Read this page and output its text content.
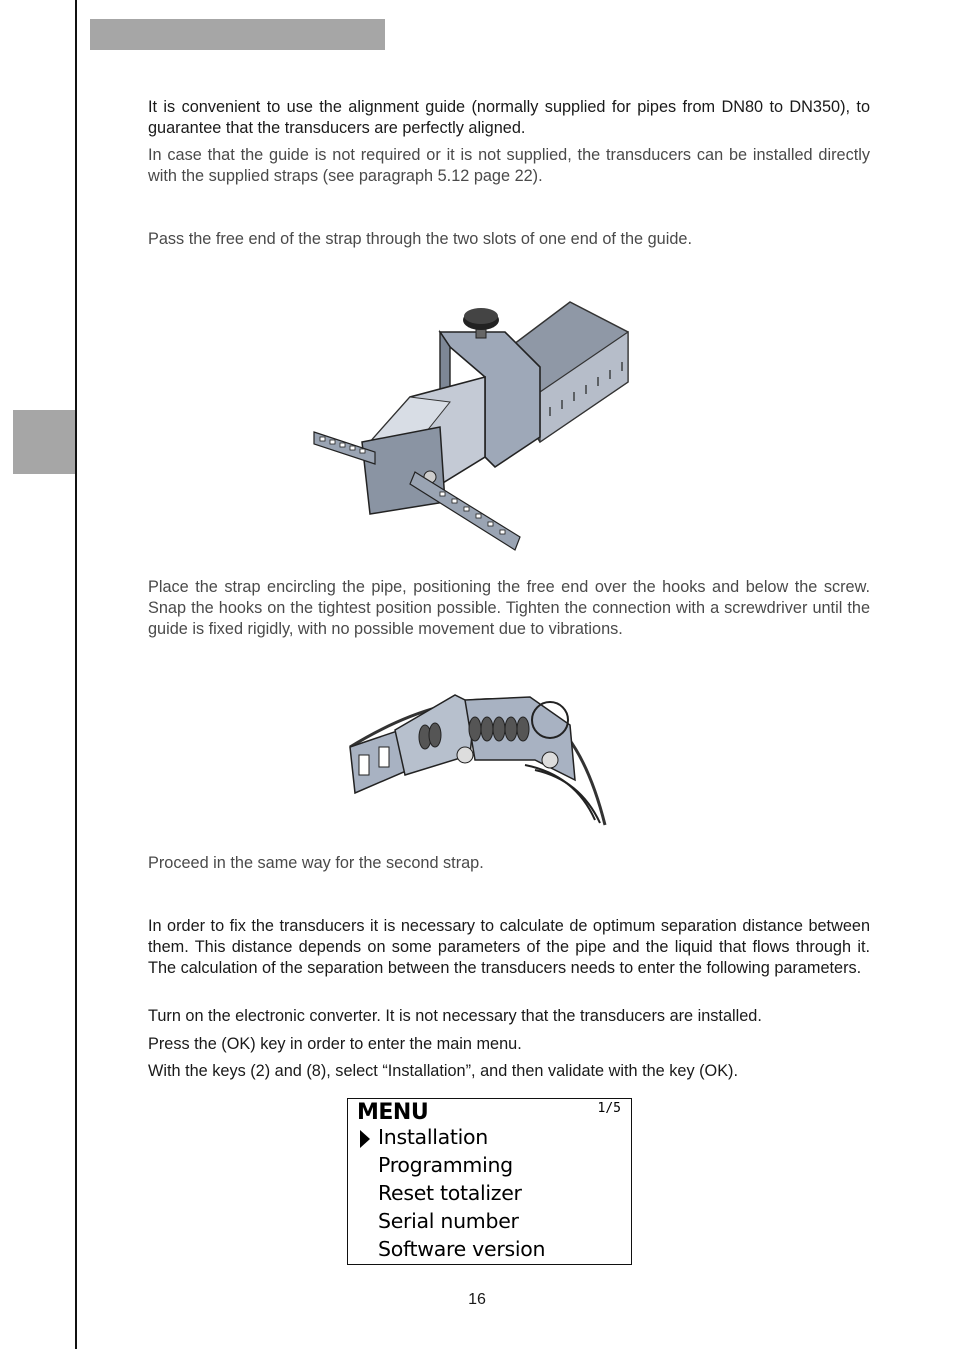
It is convenient to use the alignment guide (normally supplied for pipes from DN80 to DN350), to guarantee that the transducers are perfectly aligned.

In case that the guide is not required or it is not supplied, the transducers can be installed directly with the supplied straps (see paragraph 5.12 page 22).

Pass the free end of the strap through the two slots of one end of the guide.

Place the strap encircling the pipe, positioning the free end over the hooks and below the screw. Snap the hooks on the tightest position possible. Tighten the connection with a screwdriver until the guide is fixed rigidly, with no possible movement due to vibrations.

Proceed in the same way for the second strap.

In order to fix the transducers it is necessary to calculate de optimum separation distance between them. This distance depends on some parameters of the pipe and the liquid that flows through it. The calculation of the separation between the transducers needs to enter the following parameters.

Turn on the electronic converter. It is not necessary that the transducers are installed.

Press the (OK) key in order to enter the main menu.

With the keys (2) and (8), select “Installation”, and then validate with the key (OK).

MENU	1/5
Installation
Programming
Reset totalizer
Serial number
Software version
16
